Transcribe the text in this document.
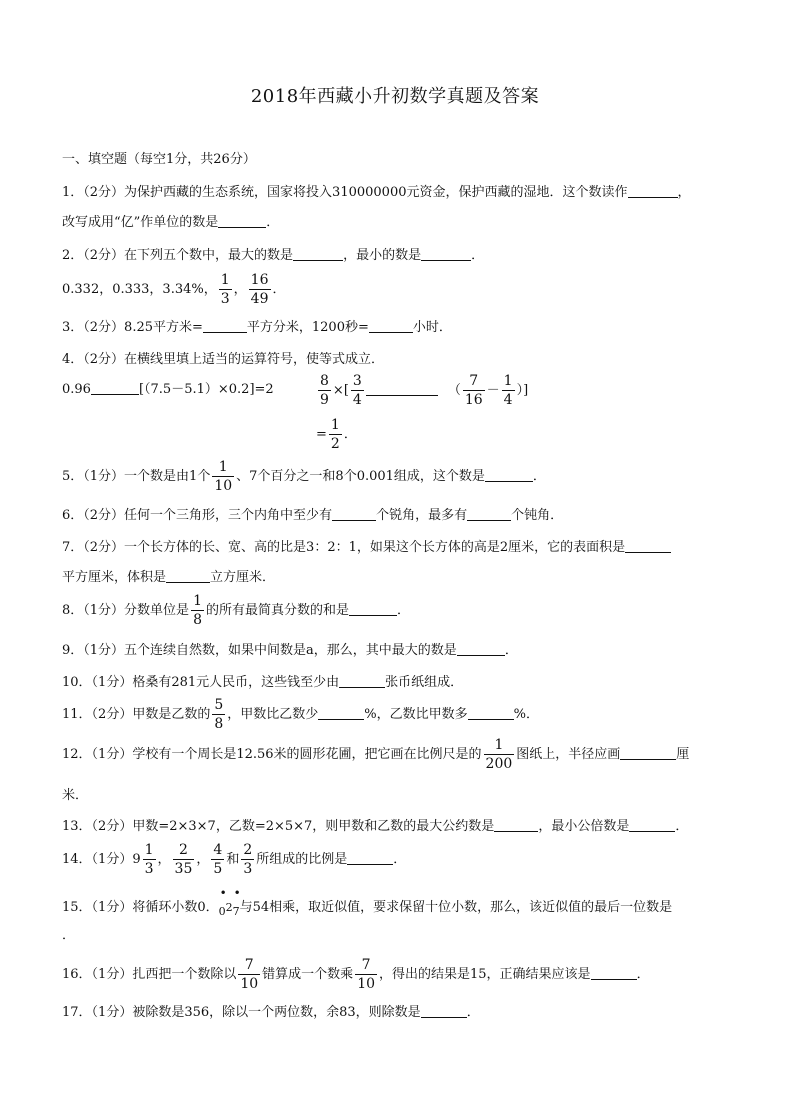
2018年西藏小升初数学真题及答案
一、填空题（每空1分，共26分）
1．（2分）为保护西藏的生态系统，国家将投入310000000元资金，保护西藏的湿地．这个数读作	，
改写成用“亿”作单位的数是	．
2．（2分）在下列五个数中，最大的数是	，最小的数是	．
0.332，0.333，3.34%， $\frac{1}{3}$ ， $\frac{16}{49}$ ．
3．（2分）8.25平方米=	平方分米，1200秒=	小时．
4．（2分）在横线里填上适当的运算符号，使等式成立．
0.96	[（7.5－5.1）×0.2]=2	$\frac{8}{9}$ ×[ $\frac{3}{4}$	（ $\frac{7}{16} - \frac{1}{4}$ ）]
= $\frac{1}{2}$ ．
5．（1分）一个数是由1个 $\frac{1}{10}$ 、7个百分之一和8个0.001组成，这个数是	．
6．（2分）任何一个三角形，三个内角中至少有	个锐角，最多有	个钝角．
7．（2分）一个长方体的长、宽、高的比是3：2：1，如果这个长方体的高是2厘米，它的表面积是
平方厘米，体积是	立方厘米．
8．（1分）分数单位是 $\frac{1}{8}$ 的所有最简真分数的和是	．
9．（1分）五个连续自然数，如果中间数是a，那么，其中最大的数是	．
10．（1分）格桑有281元人民币，这些钱至少由	张币纸组成．
11．（2分）甲数是乙数的 $\frac{5}{8}$ ，甲数比乙数少	%，乙数比甲数多	%．
12．（1分）学校有一个周长是12.56米的圆形花圃，把它画在比例尺是的 $\frac{1}{200}$ 图纸上，半径应画	厘
米．
13．（2分）甲数=2×3×7，乙数=2×5×7，则甲数和乙数的最大公约数是	，最小公倍数是	．
14．（1分）$9 \frac{1}{3}$ ， $\frac{2}{35}$ ， $\frac{4}{5}$ 和 $\frac{2}{3}$ 所组成的比例是	．
15．（1分）将循环小数0．
•
02
•
7与54相乘，取近似值，要求保留十位小数，那么，该近似值的最后一位数是
．
16．（1分）扎西把一个数除以 $\frac{7}{10}$ 错算成一个数乘 $\frac{7}{10}$ ，得出的结果是15，正确结果应该是	．
17．（1分）被除数是356，除以一个两位数，余83，则除数是	．
